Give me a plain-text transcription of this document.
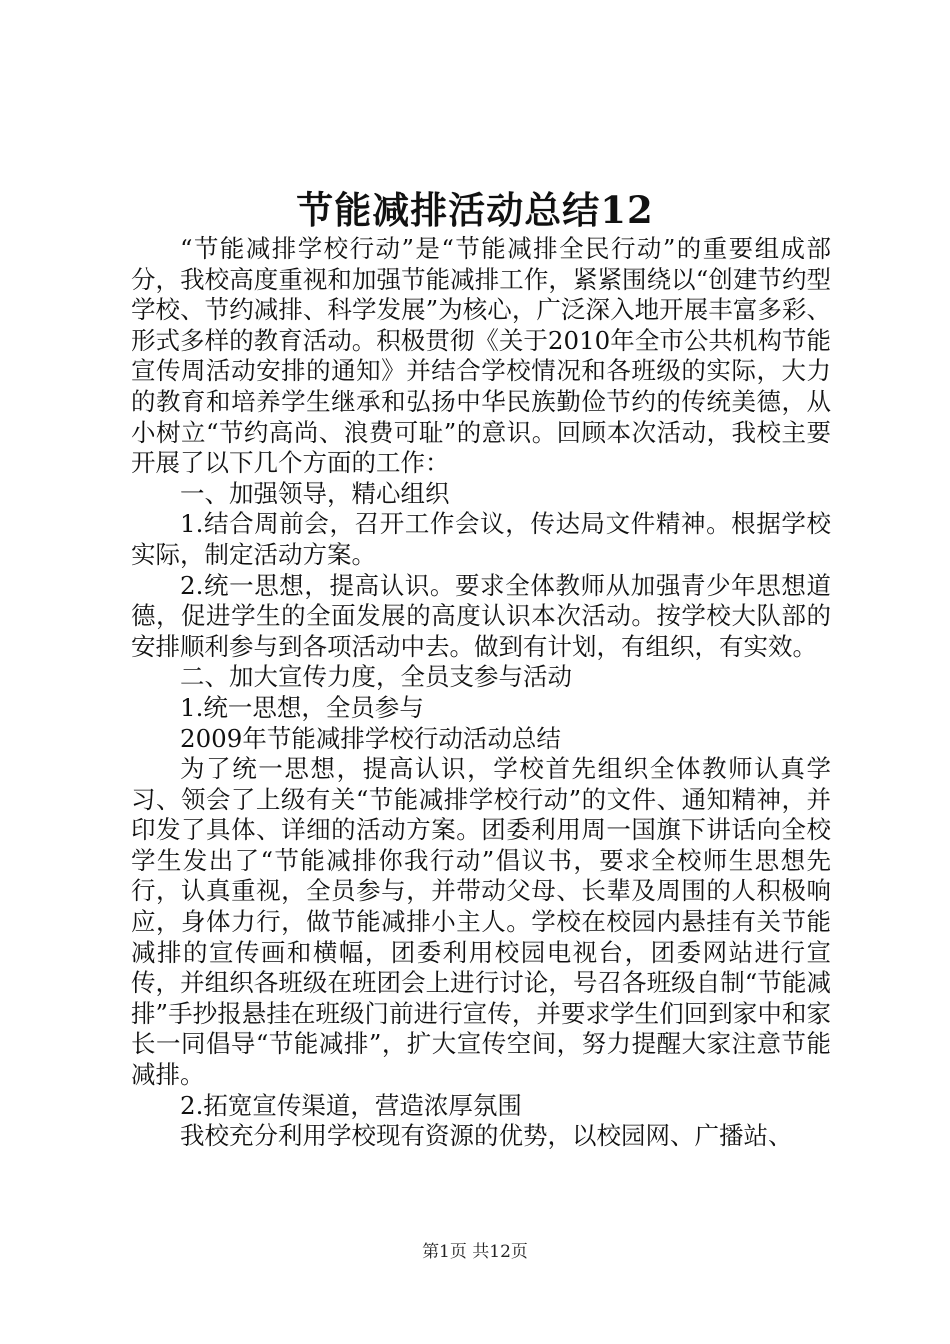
节能减排活动总结12

“节能减排学校行动”是“节能减排全民行动”的重要组成部分，我校高度重视和加强节能减排工作，紧紧围绕以“创建节约型学校、节约减排、科学发展”为核心，广泛深入地开展丰富多彩、形式多样的教育活动。积极贯彻《关于2010年全市公共机构节能宣传周活动安排的通知》并结合学校情况和各班级的实际，大力的教育和培养学生继承和弘扬中华民族勤俭节约的传统美德，从小树立“节约高尚、浪费可耻”的意识。回顾本次活动，我校主要开展了以下几个方面的工作：

一、加强领导，精心组织

1.结合周前会，召开工作会议，传达局文件精神。根据学校实际，制定活动方案。

2.统一思想，提高认识。要求全体教师从加强青少年思想道德，促进学生的全面发展的高度认识本次活动。按学校大队部的安排顺利参与到各项活动中去。做到有计划，有组织，有实效。

二、加大宣传力度，全员支参与活动

1.统一思想，全员参与

2009年节能减排学校行动活动总结

为了统一思想，提高认识，学校首先组织全体教师认真学习、领会了上级有关“节能减排学校行动”的文件、通知精神，并印发了具体、详细的活动方案。团委利用周一国旗下讲话向全校学生发出了“节能减排你我行动”倡议书，要求全校师生思想先行，认真重视，全员参与，并带动父母、长辈及周围的人积极响应，身体力行，做节能减排小主人。学校在校园内悬挂有关节能减排的宣传画和横幅，团委利用校园电视台，团委网站进行宣传，并组织各班级在班团会上进行讨论，号召各班级自制“节能减排”手抄报悬挂在班级门前进行宣传，并要求学生们回到家中和家长一同倡导“节能减排”，扩大宣传空间，努力提醒大家注意节能减排。

2.拓宽宣传渠道，营造浓厚氛围

我校充分利用学校现有资源的优势，以校园网、广播站、

第1页 共12页
